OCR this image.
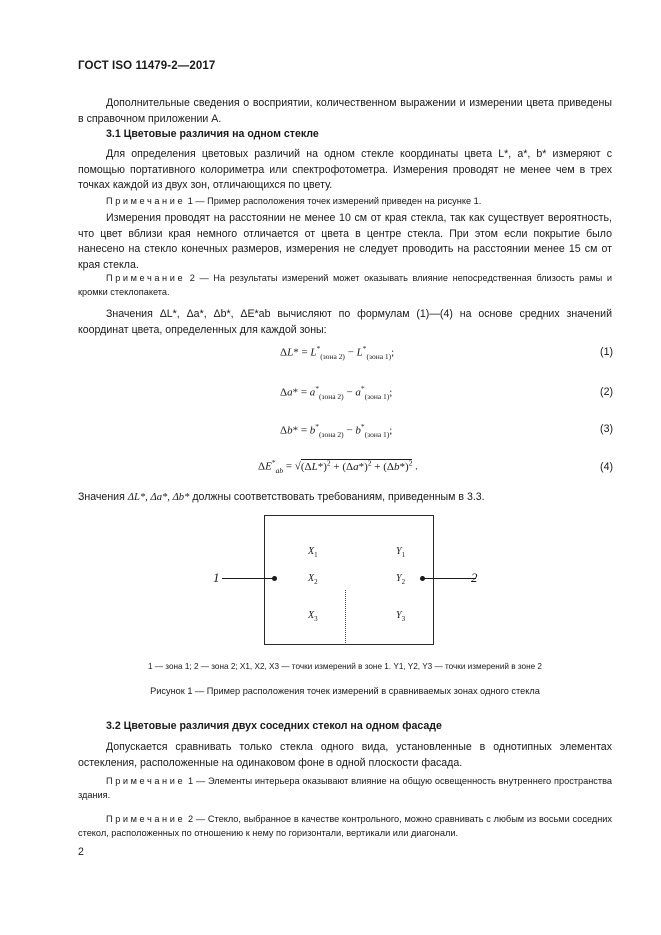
ГОСТ ISO 11479-2—2017
Дополнительные сведения о восприятии, количественном выражении и измерении цвета приведены в справочном приложении А.
3.1 Цветовые различия на одном стекле
Для определения цветовых различий на одном стекле координаты цвета L*, a*, b* измеряют с помощью портативного колориметра или спектрофотометра. Измерения проводят не менее чем в трех точках каждой из двух зон, отличающихся по цвету.
Примечание 1 — Пример расположения точек измерений приведен на рисунке 1.
Измерения проводят на расстоянии не менее 10 см от края стекла, так как существует вероятность, что цвет вблизи края немного отличается от цвета в центре стекла. При этом если покрытие было нанесено на стекло конечных размеров, измерения не следует проводить на расстоянии менее 15 см от края стекла.
Примечание 2 — На результаты измерений может оказывать влияние непосредственная близость рамы и кромки стеклопакета.
Значения ΔL*, Δa*, Δb*, ΔE*ab вычисляют по формулам (1)—(4) на основе средних значений координат цвета, определенных для каждой зоны:
$\Delta L* = L^*_{(зона 2)} - L^*_{(зона 1)}$;	(1)
$\Delta a* = a^*_{(зона 2)} - a^*_{(зона 1)}$;	(2)
$\Delta b* = b^*_{(зона 2)} - b^*_{(зона 1)}$;	(3)
$\Delta E^*_{ab} = √(\Delta L*)^2 + (\Delta a*)^2 + (\Delta b*)^2$ .	(4)
Значения ΔL*, Δa*, Δb* должны соответствовать требованиям, приведенным в 3.3.
1	2
$X_1$
$X_2$
$X_3$
$Y_1$
$Y_2$
$Y_3$
1 — зона 1; 2 — зона 2; X1, X2, X3 — точки измерений в зоне 1. Y1, Y2, Y3 — точки измерений в зоне 2
Рисунок 1 — Пример расположения точек измерений в сравниваемых зонах одного стекла
3.2 Цветовые различия двух соседних стекол на одном фасаде
Допускается сравнивать только стекла одного вида, установленные в однотипных элементах остекления, расположенные на одинаковом фоне в одной плоскости фасада.
Примечание 1 — Элементы интерьера оказывают влияние на общую освещенность внутреннего пространства здания.
Примечание 2 — Стекло, выбранное в качестве контрольного, можно сравнивать с любым из восьми соседних стекол, расположенных по отношению к нему по горизонтали, вертикали или диагонали.
2
